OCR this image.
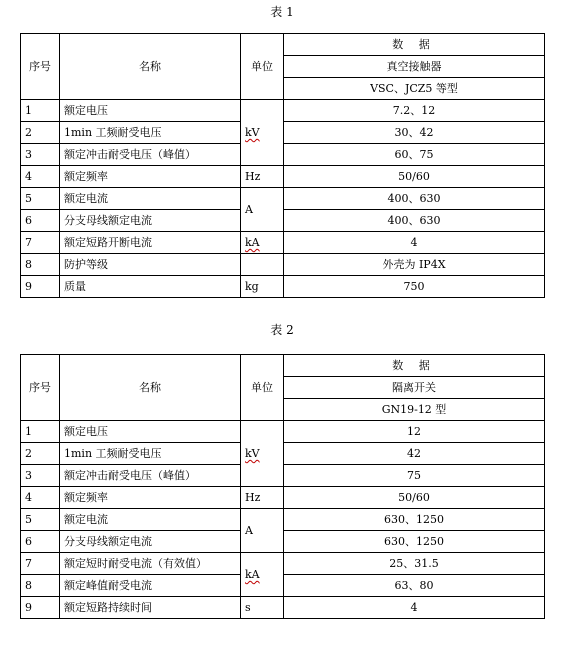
表 1
序号	名称	单位	数 据
			真空接触器
			VSC、JCZ5 等型
1	额定电压	kV	7.2、12
2	1min 工频耐受电压		30、42
3	额定冲击耐受电压（峰值）		60、75
4	额定频率	Hz	50/60
5	额定电流	A	400、630
6	分支母线额定电流		400、630
7	额定短路开断电流	kA	4
8	防护等级		外壳为 IP4X
9	质量	kg	750
表 2
序号	名称	单位	数 据
			隔离开关
			GN19-12 型
1	额定电压	kV	12
2	1min 工频耐受电压		42
3	额定冲击耐受电压（峰值）		75
4	额定频率	Hz	50/60
5	额定电流	A	630、1250
6	分支母线额定电流		630、1250
7	额定短时耐受电流（有效值）	kA	25、31.5
8	额定峰值耐受电流		63、80
9	额定短路持续时间	s	4
